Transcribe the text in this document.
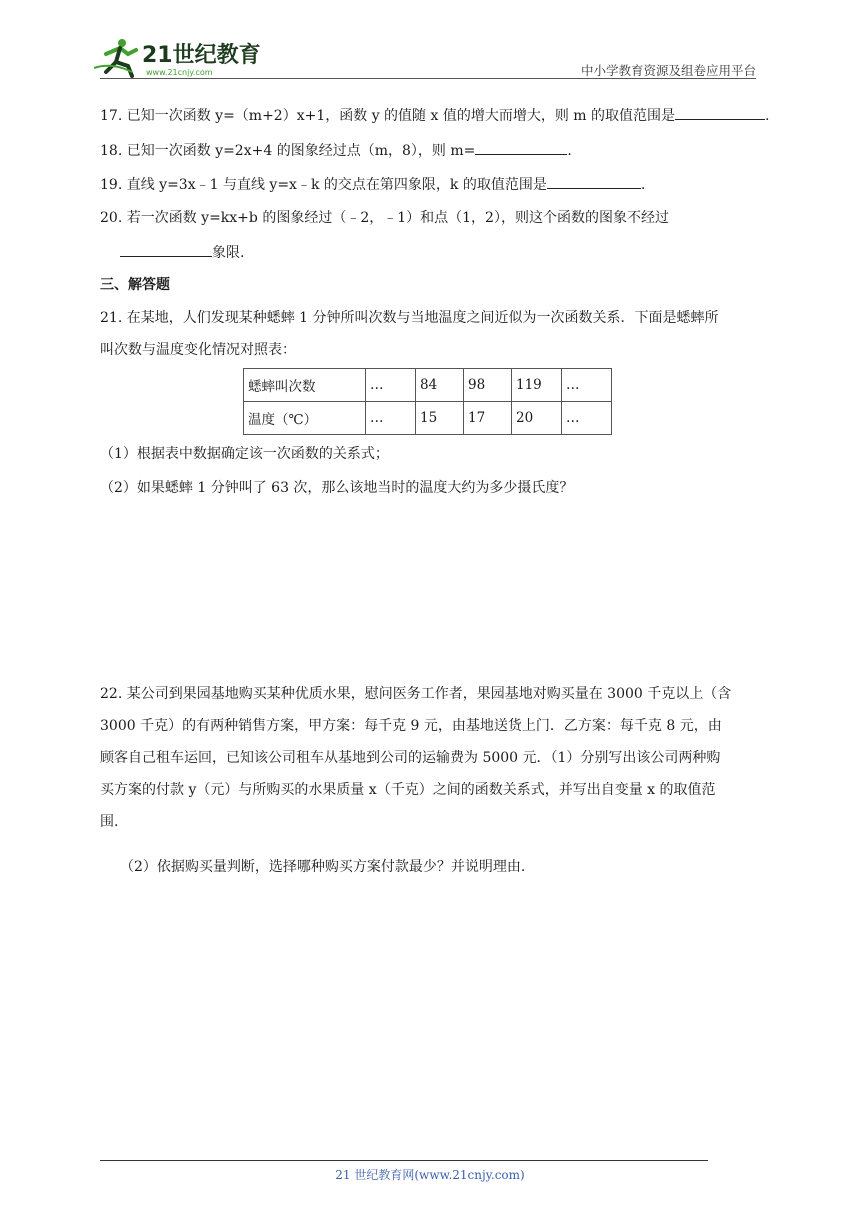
21世纪教育
www.21cnjy.com	中小学教育资源及组卷应用平台
17. 已知一次函数 y=（m+2）x+1，函数 y 的值随 x 值的增大而增大，则 m 的取值范围是	.
18. 已知一次函数 y=2x+4 的图象经过点（m，8），则 m=	.
19. 直线 y=3x﹣1 与直线 y=x﹣k 的交点在第四象限，k 的取值范围是	.
20. 若一次函数 y=kx+b 的图象经过（﹣2，﹣1）和点（1，2），则这个函数的图象不经过
象限.
三、解答题
21. 在某地，人们发现某种蟋蟀 1 分钟所叫次数与当地温度之间近似为一次函数关系．下面是蟋蟀所
叫次数与温度变化情况对照表：
蟋蟀叫次数	…	84	98	119	…
温度（℃）	…	15	17	20	…
（1）根据表中数据确定该一次函数的关系式；
（2）如果蟋蟀 1 分钟叫了 63 次，那么该地当时的温度大约为多少摄氏度？
22. 某公司到果园基地购买某种优质水果，慰问医务工作者，果园基地对购买量在 3000 千克以上（含
3000 千克）的有两种销售方案，甲方案：每千克 9 元，由基地送货上门．乙方案：每千克 8 元，由
顾客自己租车运回，已知该公司租车从基地到公司的运输费为 5000 元．（1）分别写出该公司两种购
买方案的付款 y（元）与所购买的水果质量 x（千克）之间的函数关系式，并写出自变量 x 的取值范
围.
（2）依据购买量判断，选择哪种购买方案付款最少？并说明理由.
21 世纪教育网(www.21cnjy.com)
